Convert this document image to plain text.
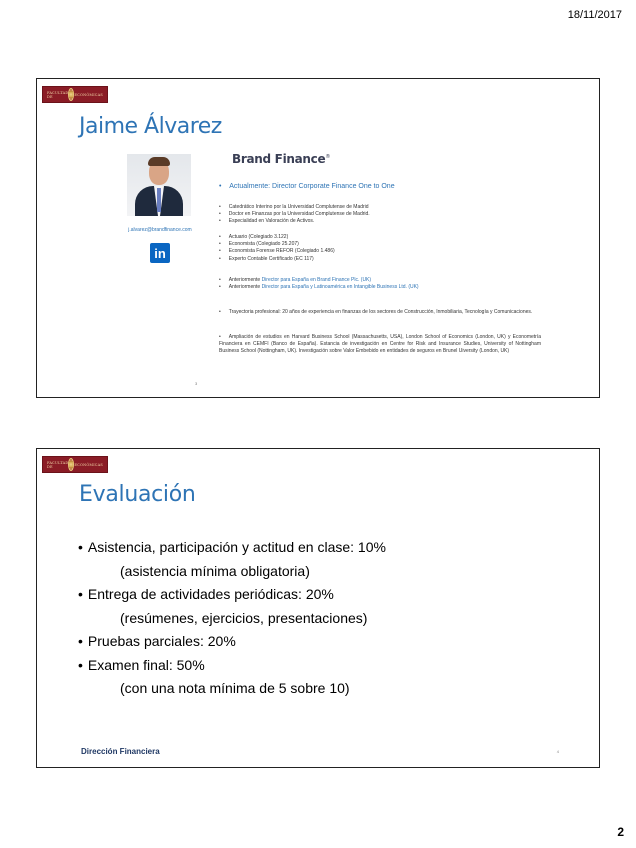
18/11/2017
FACULTAD DE	ECONÓMICAS
Jaime Álvarez
j.alvarez@brandfinance.com
in
Brand Finance®
•    Actualmente: Director Corporate Finance One to One
• Catedrático Interino por la Universidad Complutense de Madrid
• Doctor en Finanzas por la Universidad Complutense de Madrid.
• Especialidad en Valoración de Activos.
• Actuario (Colegiado 3.122)
• Economista (Colegiado 25.207)
• Economista Forense REFOR (Colegiado 1.486)
• Experto Contable Certificado (EC 117)
• Anteriormente Director para España en Brand Finance Plc. (UK)
• Anteriormente Director para España y Latinoamérica en Intangible Business Ltd. (UK)

• Trayectoria profesional: 20 años de experiencia en finanzas de los sectores de Construcción, Inmobiliaria, Tecnología y Comunicaciones.

• Ampliación de estudios en Harvard Business School (Massachusetts, USA), London School of Economics (London, UK) y Econometría Financiera en CEMFI (Banco de España). Estancia de investigación en Centre for Risk and Insurance Studies, University of Nottingham Business School (Nottingham, UK). Investigación sobre Valor Embebido en entidades de seguros en Brunel Uiversity (London, UK)

3
FACULTAD DE	ECONÓMICAS
Evaluación
• Asistencia, participación y actitud en clase: 10%
(asistencia mínima obligatoria)
• Entrega de actividades periódicas: 20%
(resúmenes, ejercicios, presentaciones)
• Pruebas parciales: 20%
• Examen final: 50%
(con una nota mínima de 5 sobre 10)
Dirección Financiera	4
2
